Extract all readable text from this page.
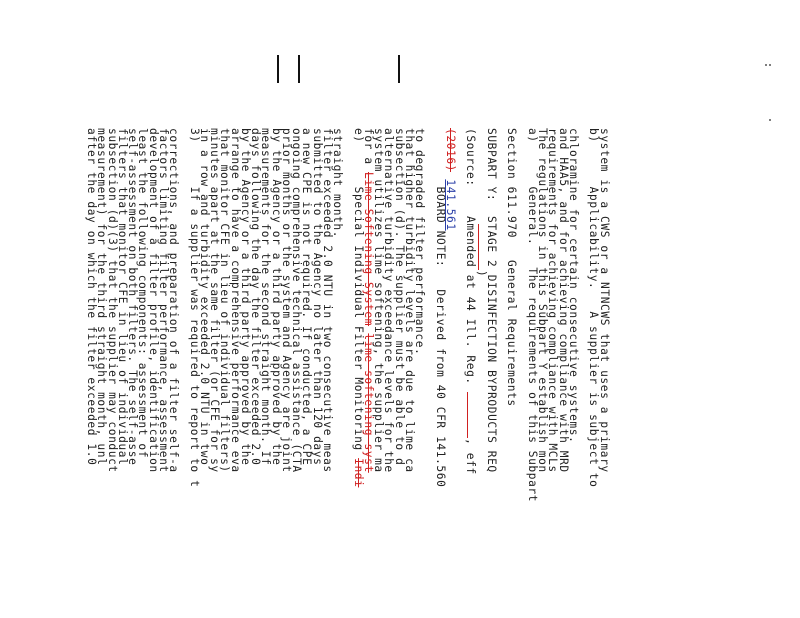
after the day on which the filter exceeded 1.0
measurement) for the third straight month, unl
subsection (d)(3) that the supplier may conduct
filters that monitor CFE in lieu of individual
self-assessment on both filters. The self-asse
least the following components: assessment of
development of a filter profile, identification
factors limiting filter performance, assessment
corrections, and preparation of a filter self-a 3)      If a supplier was required to report to t
in a row and turbidity exceeded 2.0 NTU in two
minutes apart at the same filter (or CFE for sy
that monitor CFE in lieu of individual filters)
arrange to have a comprehensive performance eva
by the Agency or a third party approved by the
days following the day the filter exceeded 2.0
measurements for the second straight month. If
by the Agency or a third party approved by the
prior months or the system and Agency are joint
ongoing comprehensive technical assistance (CTA
a new CPE is not required. If conducted, a CPE
submitted to the Agency no later than 120 days
filter exceeded 2.0 NTU in two consecutive meas
straight month. e)      Special Individual Filter Monitoring Indi
for a Lime Softening System lime softening syst
system utilizes lime softening, the supplier ma
alternative turbidity exceedance levels for the
subsection (d). The supplier must be able to d
that higher turbidity levels are due to lime ca
to degraded filter performance. BOARD NOTE:   Derived from 40 CFR 141.560 (Source:    Amended at 44 Ill. Reg. , eff SUBPART Y:  STAGE 2 DISINFECTION BYPRODUCTS REQ Section 611.970   General Requirements a)      General.   The requirements of this Subpart
The regulations in this Subpart Y establish mon
requirements for achieving compliance with MCLs
and HAA5, and for achieving compliance with MRD
chloramine for certain consecutive systems. b)      Applicability.   A supplier is subject to
system is a CWS or a NTNCWS that uses a primary
(2016) 141.561
)
